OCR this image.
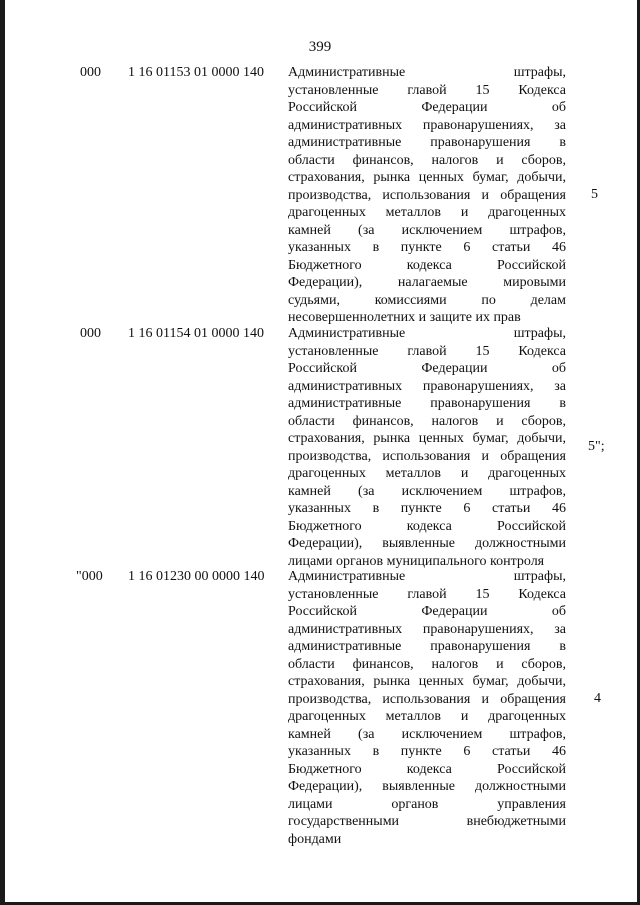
399
000 1 16 01153 01 0000 140 Административные штрафы,
установленные главой 15 Кодекса
Российской Федерации об
административных правонарушениях, за
административные правонарушения в
области финансов, налогов и сборов,
страхования, рынка ценных бумаг, добычи,
производства, использования и обращения
драгоценных металлов и драгоценных
камней (за исключением штрафов,
указанных в пункте 6 статьи 46
Бюджетного кодекса Российской
Федерации), налагаемые мировыми
судьями, комиссиями по делам
несовершеннолетних и защите их прав
5
000 1 16 01154 01 0000 140 Административные штрафы,
установленные главой 15 Кодекса
Российской Федерации об
административных правонарушениях, за
административные правонарушения в
области финансов, налогов и сборов,
страхования, рынка ценных бумаг, добычи,
производства, использования и обращения
драгоценных металлов и драгоценных
камней (за исключением штрафов,
указанных в пункте 6 статьи 46
Бюджетного кодекса Российской
Федерации), выявленные должностными
лицами органов муниципального контроля
5";
"000 1 16 01230 00 0000 140 Административные штрафы,
установленные главой 15 Кодекса
Российской Федерации об
административных правонарушениях, за
административные правонарушения в
области финансов, налогов и сборов,
страхования, рынка ценных бумаг, добычи,
производства, использования и обращения
драгоценных металлов и драгоценных
камней (за исключением штрафов,
указанных в пункте 6 статьи 46
Бюджетного кодекса Российской
Федерации), выявленные должностными
лицами органов управления
государственными внебюджетными
фондами
4
